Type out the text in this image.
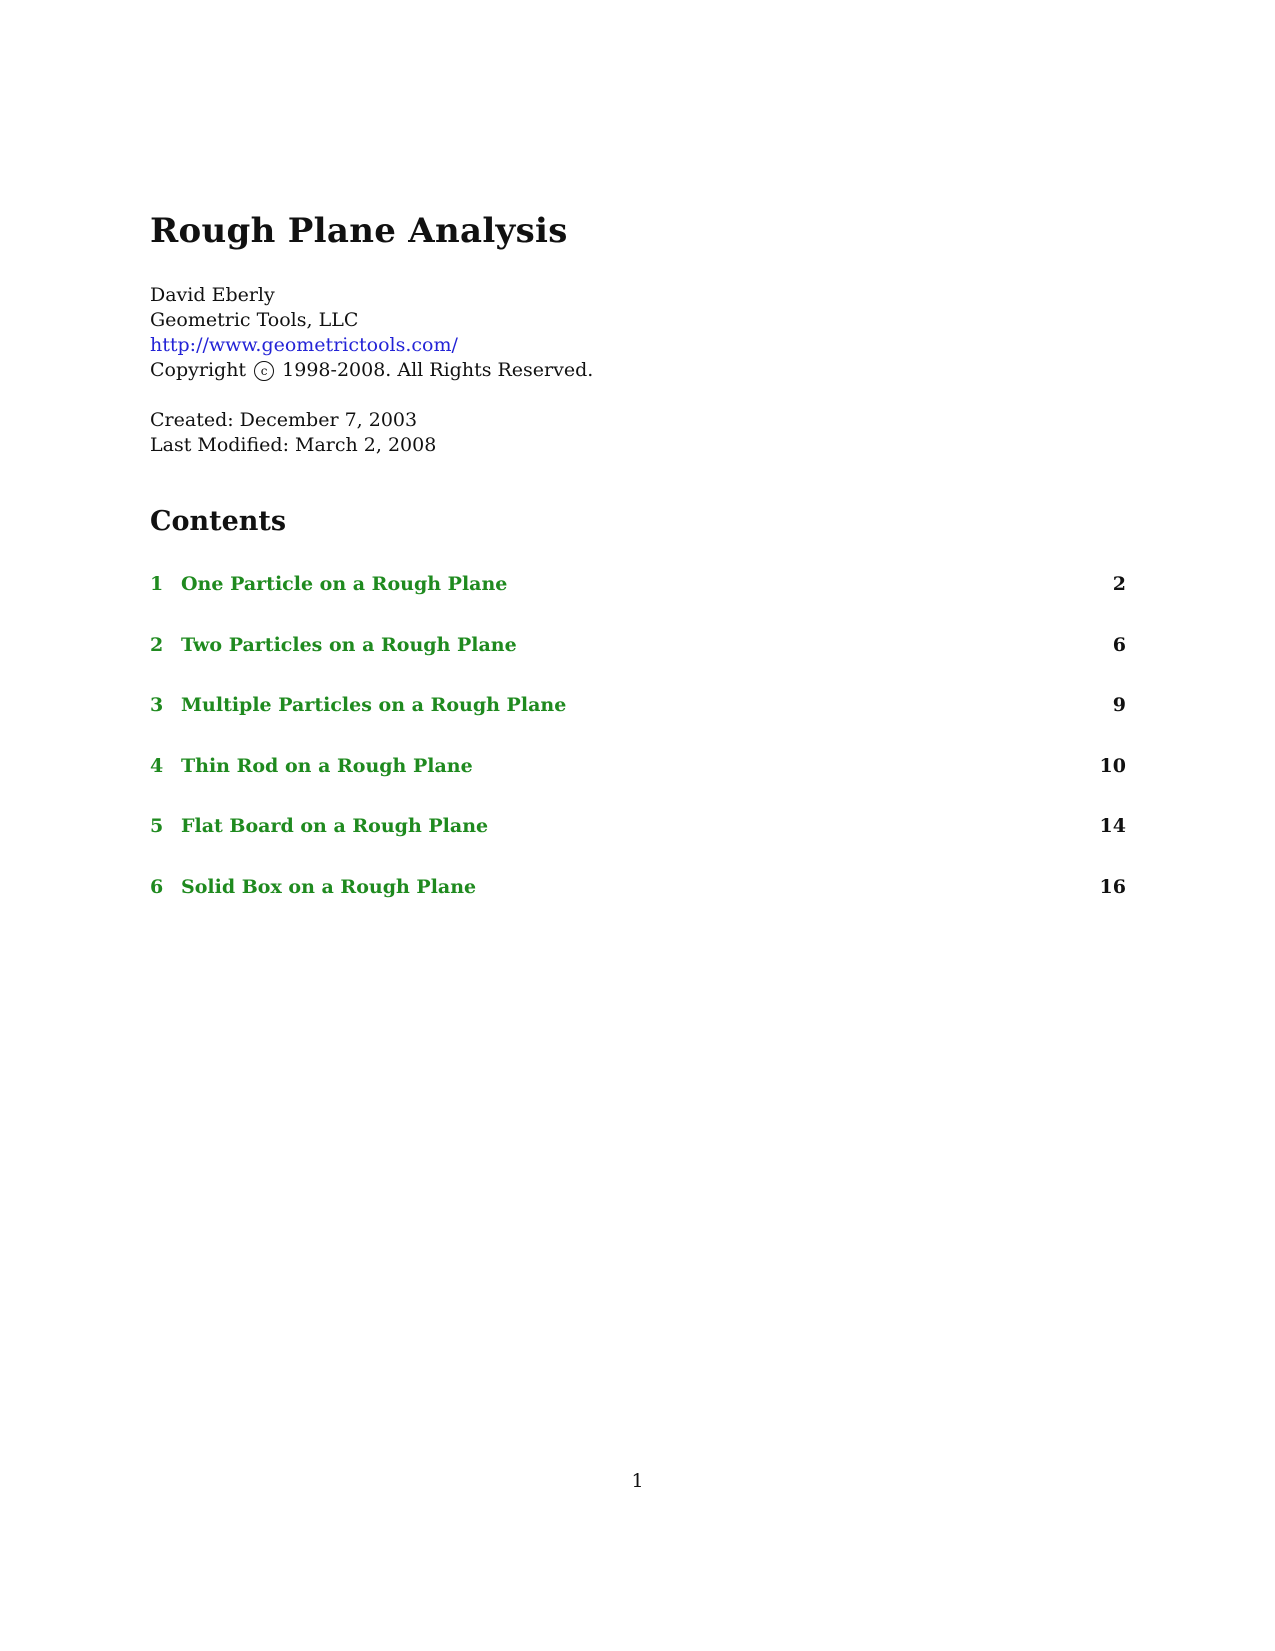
Rough Plane Analysis
David Eberly
Geometric Tools, LLC
http://www.geometrictools.com/
Copyright c 1998-2008. All Rights Reserved.
Created: December 7, 2003
Last Modified: March 2, 2008
Contents
1 One Particle on a Rough Plane	2
2 Two Particles on a Rough Plane	6
3 Multiple Particles on a Rough Plane	9
4 Thin Rod on a Rough Plane	10
5 Flat Board on a Rough Plane	14
6 Solid Box on a Rough Plane	16
1
